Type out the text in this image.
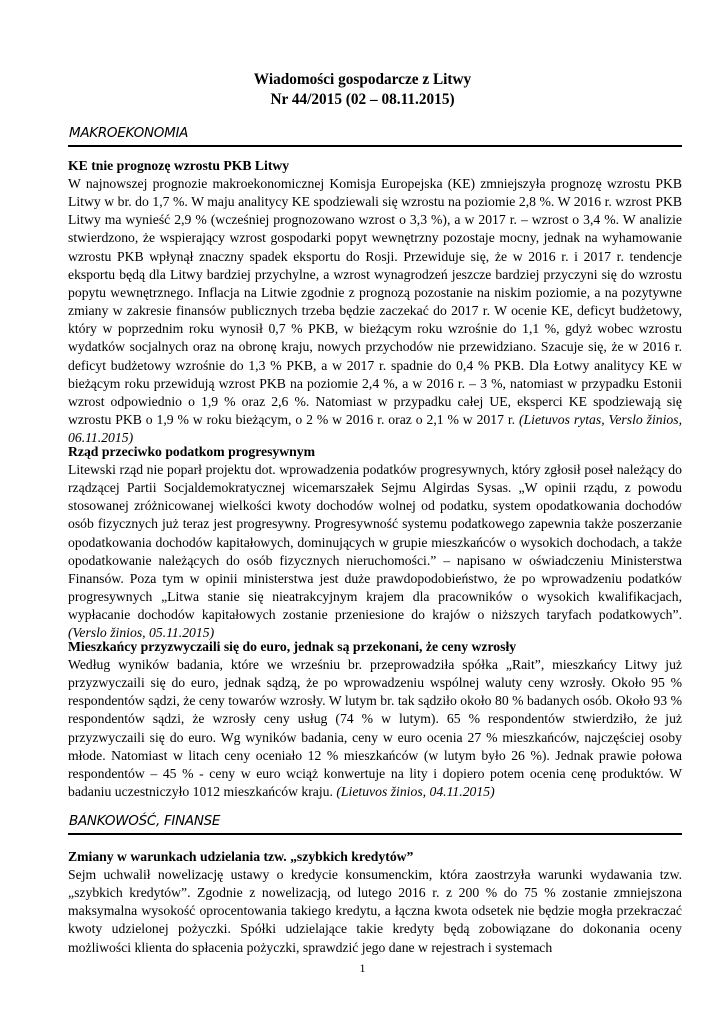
Wiadomości gospodarcze z Litwy
Nr 44/2015 (02 – 08.11.2015)
MAKROEKONOMIA
KE tnie prognozę wzrostu PKB Litwy

W najnowszej prognozie makroekonomicznej Komisja Europejska (KE) zmniejszyła prognozę wzrostu PKB Litwy w br. do 1,7 %. W maju analitycy KE spodziewali się wzrostu na poziomie 2,8 %. W 2016 r. wzrost PKB Litwy ma wynieść 2,9 % (wcześniej prognozowano wzrost o 3,3 %), a w 2017 r. – wzrost o 3,4 %. W analizie stwierdzono, że wspierający wzrost gospodarki popyt wewnętrzny pozostaje mocny, jednak na wyhamowanie wzrostu PKB wpłynął znaczny spadek eksportu do Rosji. Przewiduje się, że w 2016 r. i 2017 r. tendencje eksportu będą dla Litwy bardziej przychylne, a wzrost wynagrodzeń jeszcze bardziej przyczyni się do wzrostu popytu wewnętrznego. Inflacja na Litwie zgodnie z prognozą pozostanie na niskim poziomie, a na pozytywne zmiany w zakresie finansów publicznych trzeba będzie zaczekać do 2017 r. W ocenie KE, deficyt budżetowy, który w poprzednim roku wynosił 0,7 % PKB, w bieżącym roku wzrośnie do 1,1 %, gdyż wobec wzrostu wydatków socjalnych oraz na obronę kraju, nowych przychodów nie przewidziano. Szacuje się, że w 2016 r. deficyt budżetowy wzrośnie do 1,3 % PKB, a w 2017 r. spadnie do 0,4 % PKB. Dla Łotwy analitycy KE w bieżącym roku przewidują wzrost PKB na poziomie 2,4 %, a w 2016 r. – 3 %, natomiast w przypadku Estonii wzrost odpowiednio o 1,9 % oraz 2,6 %. Natomiast w przypadku całej UE, eksperci KE spodziewają się wzrostu PKB o 1,9 % w roku bieżącym, o 2 % w 2016 r. oraz o 2,1 % w 2017 r. (Lietuvos rytas, Verslo žinios, 06.11.2015)

Rząd przeciwko podatkom progresywnym

Litewski rząd nie poparł projektu dot. wprowadzenia podatków progresywnych, który zgłosił poseł należący do rządzącej Partii Socjaldemokratycznej wicemarszałek Sejmu Algirdas Sysas. „W opinii rządu, z powodu stosowanej zróżnicowanej wielkości kwoty dochodów wolnej od podatku, system opodatkowania dochodów osób fizycznych już teraz jest progresywny. Progresywność systemu podatkowego zapewnia także poszerzanie opodatkowania dochodów kapitałowych, dominujących w grupie mieszkańców o wysokich dochodach, a także opodatkowanie należących do osób fizycznych nieruchomości.” – napisano w oświadczeniu Ministerstwa Finansów. Poza tym w opinii ministerstwa jest duże prawdopodobieństwo, że po wprowadzeniu podatków progresywnych „Litwa stanie się nieatrakcyjnym krajem dla pracowników o wysokich kwalifikacjach, wypłacanie dochodów kapitałowych zostanie przeniesione do krajów o niższych taryfach podatkowych”. (Verslo žinios, 05.11.2015)

Mieszkańcy przyzwyczaili się do euro, jednak są przekonani, że ceny wzrosły

Według wyników badania, które we wrześniu br. przeprowadziła spółka „Rait”, mieszkańcy Litwy już przyzwyczaili się do euro, jednak sądzą, że po wprowadzeniu wspólnej waluty ceny wzrosły. Około 95 % respondentów sądzi, że ceny towarów wzrosły. W lutym br. tak sądziło około 80 % badanych osób. Około 93 % respondentów sądzi, że wzrosły ceny usług (74 % w lutym). 65 % respondentów stwierdziło, że już przyzwyczaili się do euro. Wg wyników badania, ceny w euro ocenia 27 % mieszkańców, najczęściej osoby młode. Natomiast w litach ceny oceniało 12 % mieszkańców (w lutym było 26 %). Jednak prawie połowa respondentów – 45 % - ceny w euro wciąż konwertuje na lity i dopiero potem ocenia cenę produktów. W badaniu uczestniczyło 1012 mieszkańców kraju. (Lietuvos žinios, 04.11.2015)

BANKOWOŚĆ, FINANSE
Zmiany w warunkach udzielania tzw. „szybkich kredytów”

Sejm uchwalił nowelizację ustawy o kredycie konsumenckim, która zaostrzyła warunki wydawania tzw. „szybkich kredytów”. Zgodnie z nowelizacją, od lutego 2016 r. z 200 % do 75 % zostanie zmniejszona maksymalna wysokość oprocentowania takiego kredytu, a łączna kwota odsetek nie będzie mogła przekraczać kwoty udzielonej pożyczki. Spółki udzielające takie kredyty będą zobowiązane do dokonania oceny możliwości klienta do spłacenia pożyczki, sprawdzić jego dane w rejestrach i systemach

1
